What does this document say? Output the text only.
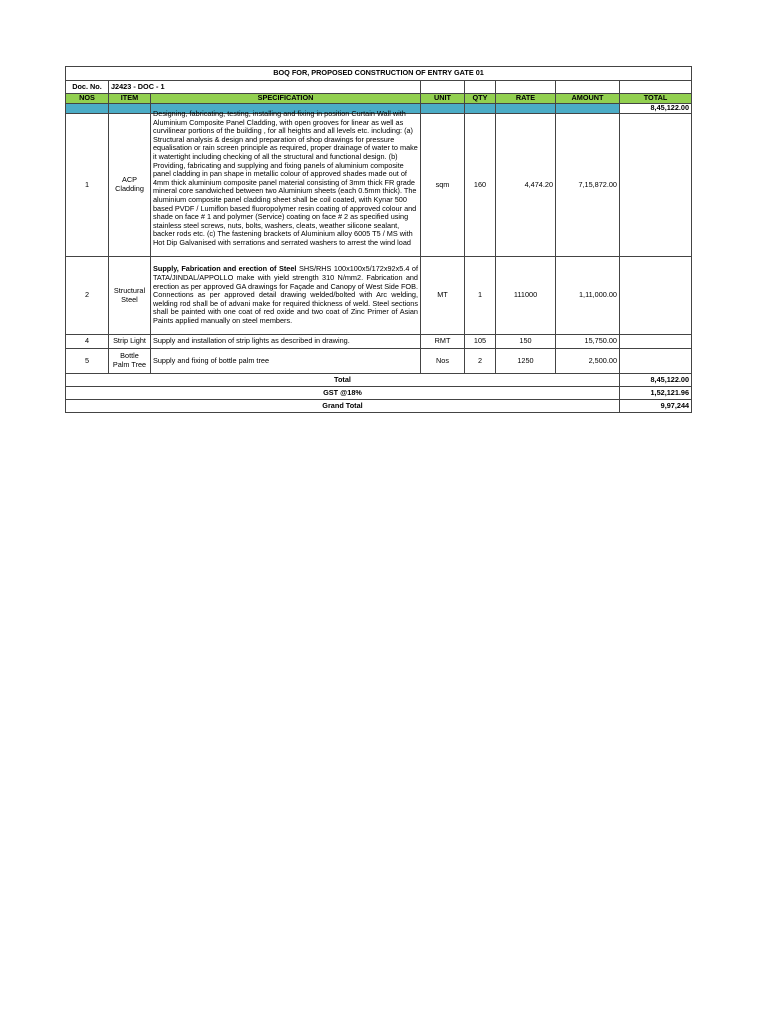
BOQ FOR, PROPOSED CONSTRUCTION OF ENTRY GATE 01							
Doc. No.	J2423 - DOC - 1						
NOS	ITEM	SPECIFICATION	UNIT	QTY	RATE	AMOUNT	TOTAL
							8,45,122.00
1	ACP Cladding	Designing, fabricating, testing, installing and fixing in position Curtain Wall with Aluminium Composite Panel Cladding, with open grooves for linear as well as curvilinear portions of the building , for all heights and all levels etc. including: (a) Structural analysis & design and preparation of shop drawings for pressure equalisation or rain screen principle as required, proper drainage of water to make it watertight including checking of all the structural and functional design. (b) Providing, fabricating and supplying and fixing panels of aluminium composite panel cladding in pan shape in metallic colour of approved shades made out of 4mm thick aluminium composite panel material consisting of 3mm thick FR grade mineral core sandwiched between two Aluminium sheets (each 0.5mm thick). The aluminium composite panel cladding sheet shall be coil coated, with Kynar 500 based PVDF / Lumiflon based fluoropolymer resin coating of approved colour and shade on face # 1 and polymer (Service) coating on face # 2 as specified using stainless steel screws, nuts, bolts, washers, cleats, weather silicone sealant, backer rods etc. (c) The fastening brackets of Aluminium alloy 6005 T5 / MS with Hot Dip Galvanised with serrations and serrated washers to arrest the wind load	sqm	160	4,474.20	7,15,872.00	
2	Structural Steel	Supply, Fabrication and erection of Steel SHS/RHS 100x100x5/172x92x5.4 of TATA/JINDAL/APPOLLO make with yield strength 310 N/mm2. Fabrication and erection as per approved GA drawings for Façade and Canopy of West Side FOB. Connections as per approved detail drawing welded/bolted with Arc welding, welding rod shall be of advani make for required thickness of weld. Steel sections shall be painted with one coat of red oxide and two coat of Zinc Primer of Asian Paints applied manually on steel members.	MT	1	111000	1,11,000.00	
4	Strip Light	Supply and installation of strip lights as described in drawing.	RMT	105	150	15,750.00	
5	Bottle Palm Tree	Supply and fixing of bottle palm tree	Nos	2	1250	2,500.00	
Total							8,45,122.00
GST @18%							1,52,121.96
Grand Total							9,97,244
